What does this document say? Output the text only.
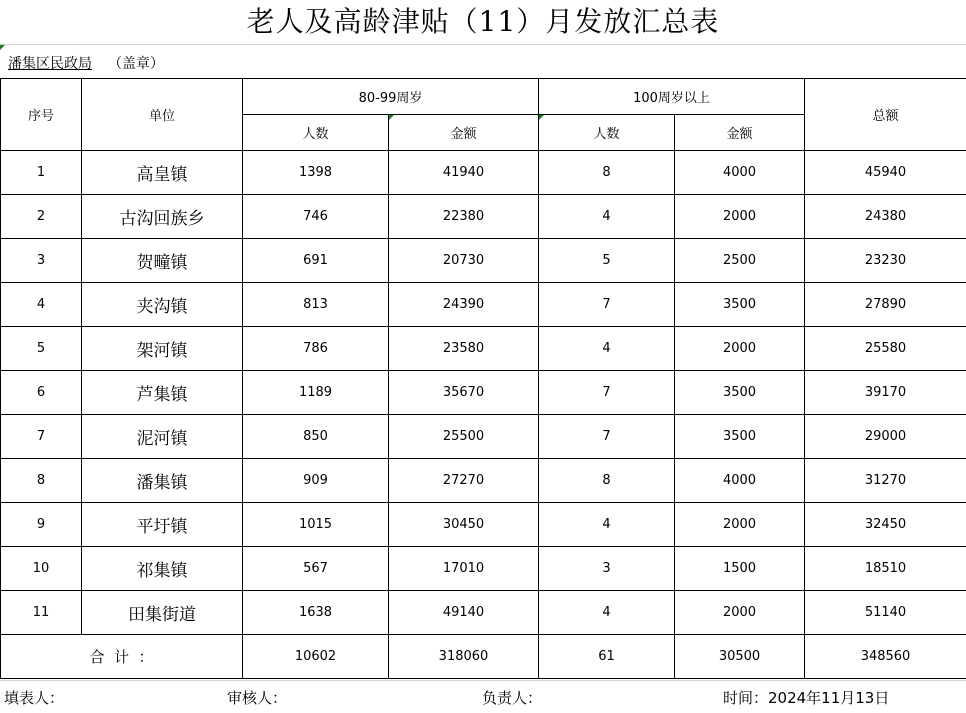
老人及高龄津贴（11）月发放汇总表
潘集区民政局 （盖章）
序号	单位	80-99周岁		100周岁以上		总额
		人数	金额	人数	金额	
1	高皇镇	1398	41940	8	4000	45940
2	古沟回族乡	746	22380	4	2000	24380
3	贺疃镇	691	20730	5	2500	23230
4	夹沟镇	813	24390	7	3500	27890
5	架河镇	786	23580	4	2000	25580
6	芦集镇	1189	35670	7	3500	39170
7	泥河镇	850	25500	7	3500	29000
8	潘集镇	909	27270	8	4000	31270
9	平圩镇	1015	30450	4	2000	32450
10	祁集镇	567	17010	3	1500	18510
11	田集街道	1638	49140	4	2000	51140
合  计  ：		10602	318060	61	30500	348560
填表人：	审核人：	负责人：	时间：2024年11月13日
